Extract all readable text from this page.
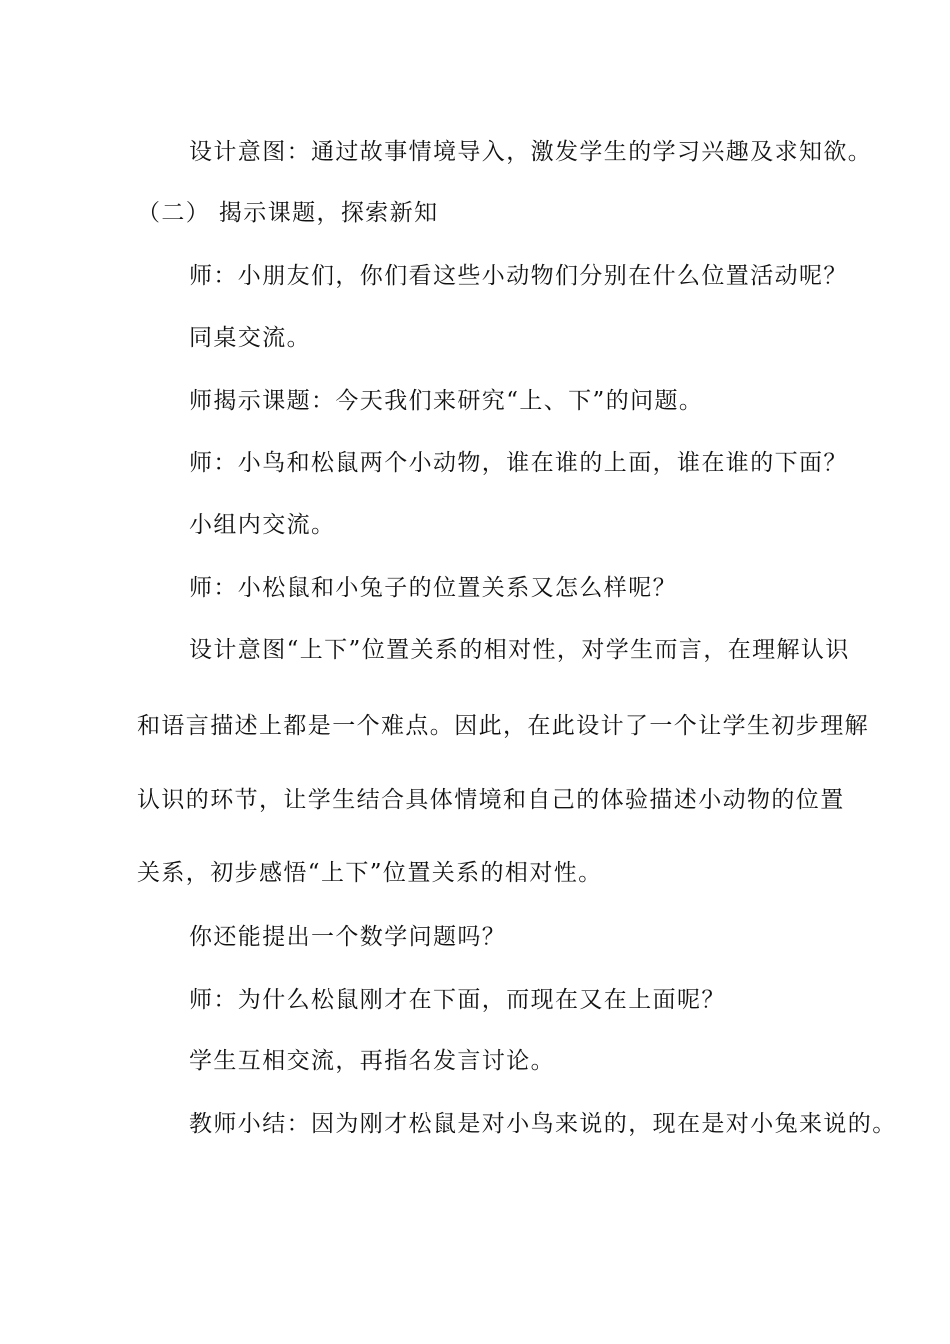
设计意图：通过故事情境导入，激发学生的学习兴趣及求知欲。
（二） 揭示课题，探索新知
师：小朋友们，你们看这些小动物们分别在什么位置活动呢？
同桌交流。
师揭示课题：今天我们来研究“上、下”的问题。
师：小鸟和松鼠两个小动物，谁在谁的上面，谁在谁的下面？
小组内交流。
师：小松鼠和小兔子的位置关系又怎么样呢？
设计意图“上下”位置关系的相对性，对学生而言，在理解认识
和语言描述上都是一个难点。因此，在此设计了一个让学生初步理解
认识的环节，让学生结合具体情境和自己的体验描述小动物的位置
关系，初步感悟“上下”位置关系的相对性。
你还能提出一个数学问题吗？
师：为什么松鼠刚才在下面，而现在又在上面呢？
学生互相交流，再指名发言讨论。
教师小结：因为刚才松鼠是对小鸟来说的，现在是对小兔来说的。
